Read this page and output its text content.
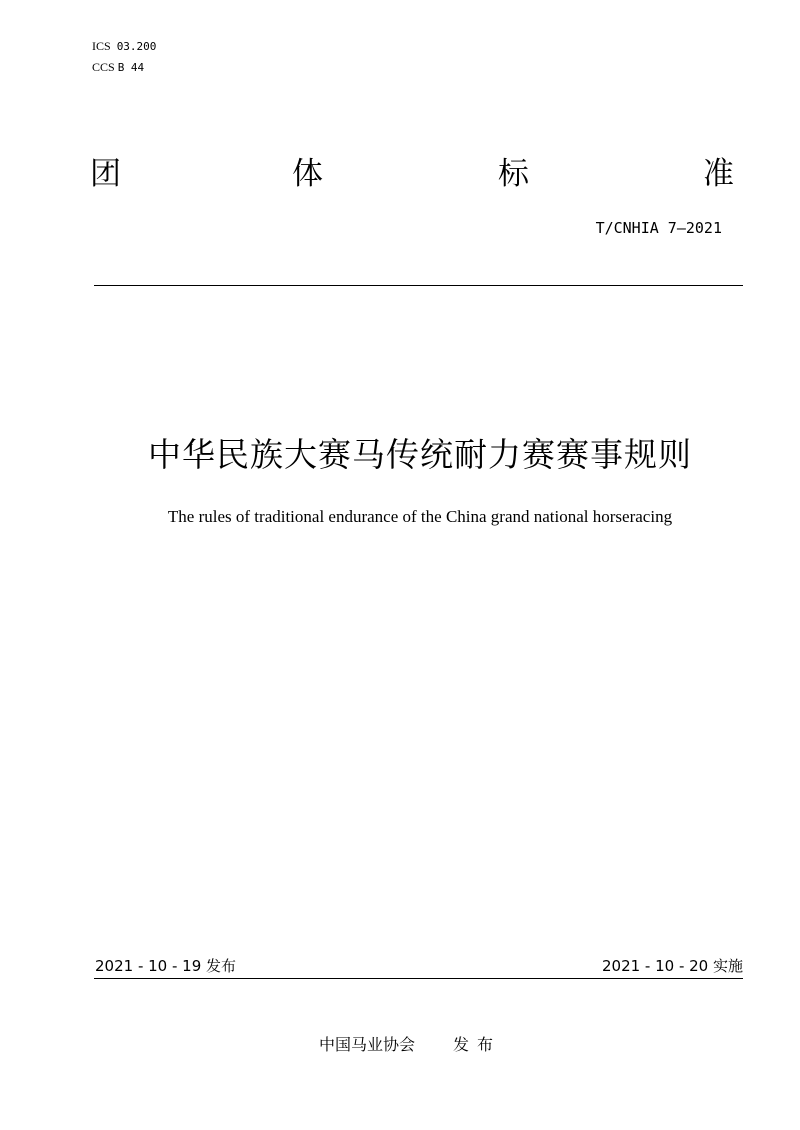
ICS 03.200
CCS B 44
团	体	标	准
T/CNHIA 7—2021
中华民族大赛马传统耐力赛赛事规则
The rules of traditional endurance of the China grand national horseracing
2021 - 10 - 19 发布	2021 - 10 - 20 实施
中国马业协会 发布
